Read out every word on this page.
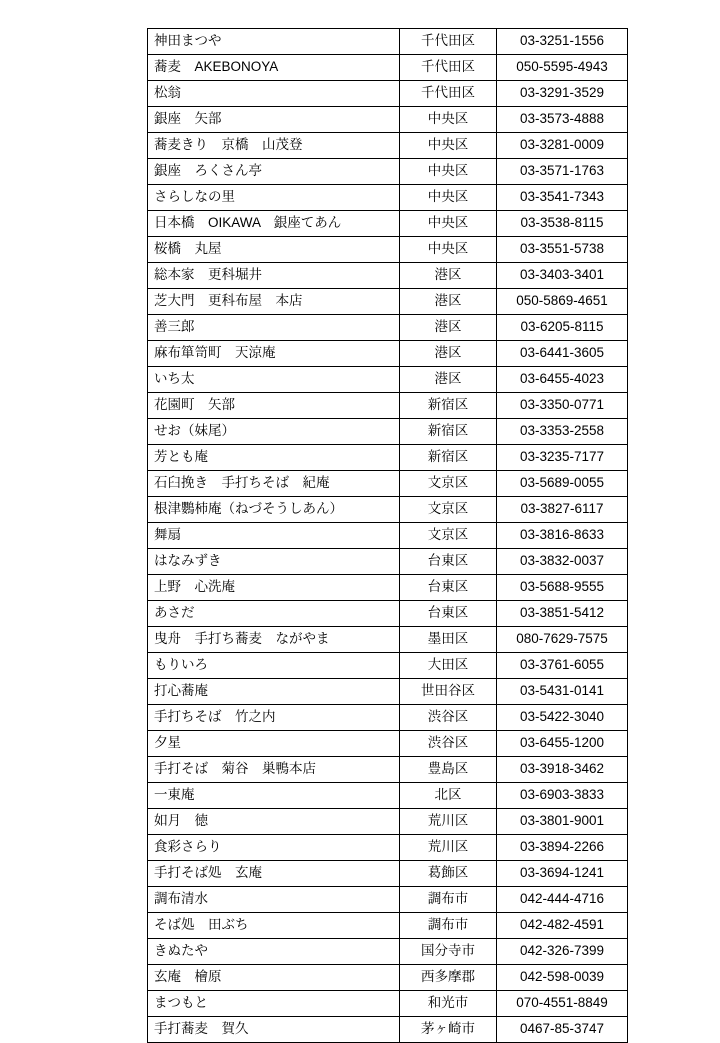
神田まつや	千代田区	03-3251-1556
蕎麦　AKEBONOYA	千代田区	050-5595-4943
松翁	千代田区	03-3291-3529
銀座　矢部	中央区	03-3573-4888
蕎麦きり　京橋　山茂登	中央区	03-3281-0009
銀座　ろくさん亭	中央区	03-3571-1763
さらしなの里	中央区	03-3541-7343
日本橋　OIKAWA　銀座てあん	中央区	03-3538-8115
桜橋　丸屋	中央区	03-3551-5738
総本家　更科堀井	港区	03-3403-3401
芝大門　更科布屋　本店	港区	050-5869-4651
善三郎	港区	03-6205-8115
麻布箪笥町　天涼庵	港区	03-6441-3605
いち太	港区	03-6455-4023
花園町　矢部	新宿区	03-3350-0771
せお（妹尾）	新宿区	03-3353-2558
芳とも庵	新宿区	03-3235-7177
石臼挽き　手打ちそば　紀庵	文京区	03-5689-0055
根津鸚柿庵（ねづそうしあん）	文京区	03-3827-6117
舞扇	文京区	03-3816-8633
はなみずき	台東区	03-3832-0037
上野　心洗庵	台東区	03-5688-9555
あさだ	台東区	03-3851-5412
曳舟　手打ち蕎麦　ながやま	墨田区	080-7629-7575
もりいろ	大田区	03-3761-6055
打心蕎庵	世田谷区	03-5431-0141
手打ちそば　竹之内	渋谷区	03-5422-3040
夕星	渋谷区	03-6455-1200
手打そば　菊谷　巣鴨本店	豊島区	03-3918-3462
一東庵	北区	03-6903-3833
如月　徳	荒川区	03-3801-9001
食彩さらり	荒川区	03-3894-2266
手打そば処　玄庵	葛飾区	03-3694-1241
調布清水	調布市	042-444-4716
そば処　田ぶち	調布市	042-482-4591
きぬたや	国分寺市	042-326-7399
玄庵　檜原	西多摩郡	042-598-0039
まつもと	和光市	070-4551-8849
手打蕎麦　賀久	茅ヶ崎市	0467-85-3747
